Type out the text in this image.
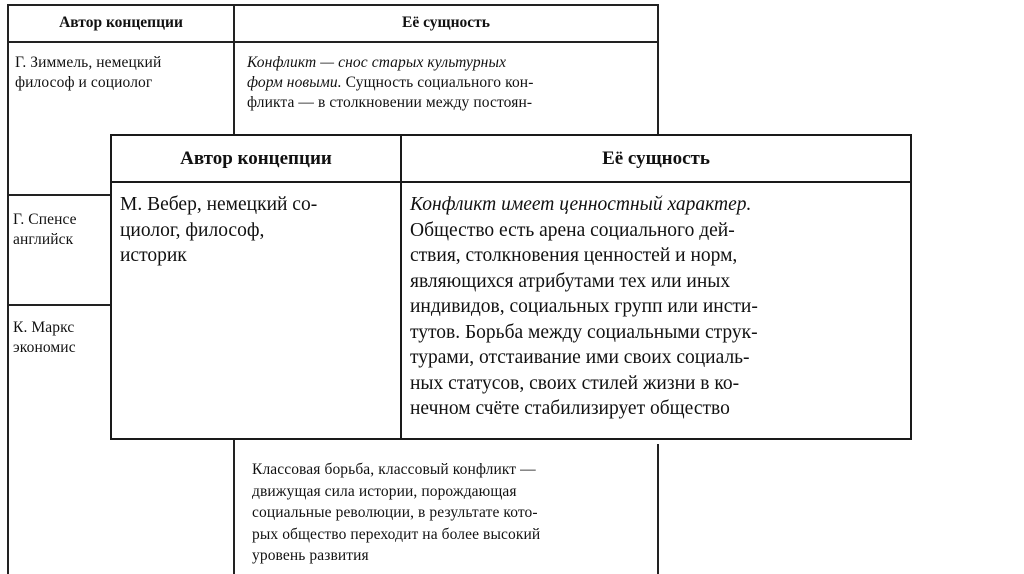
Автор концепции	Её сущность
Г. Зиммель, немецкий
философ и социолог
Конфликт — снос старых культурных
форм новыми. Сущность социального кон-
фликта — в столкновении между постоян-
Г. Спенсе
английск
К. Маркс
экономис
Классовая борьба, классовый конфликт —
движущая сила истории, порождающая
социальные революции, в результате кото-
рых общество переходит на более высокий
уровень развития
Автор концепции	Её сущность
М. Вебер, немецкий со-
циолог, философ,
историк
Конфликт имеет ценностный характер.
Общество есть арена социального дей-
ствия, столкновения ценностей и норм,
являющихся атрибутами тех или иных
индивидов, социальных групп или инсти-
тутов. Борьба между социальными струк-
турами, отстаивание ими своих социаль-
ных статусов, своих стилей жизни в ко-
нечном счёте стабилизирует общество
